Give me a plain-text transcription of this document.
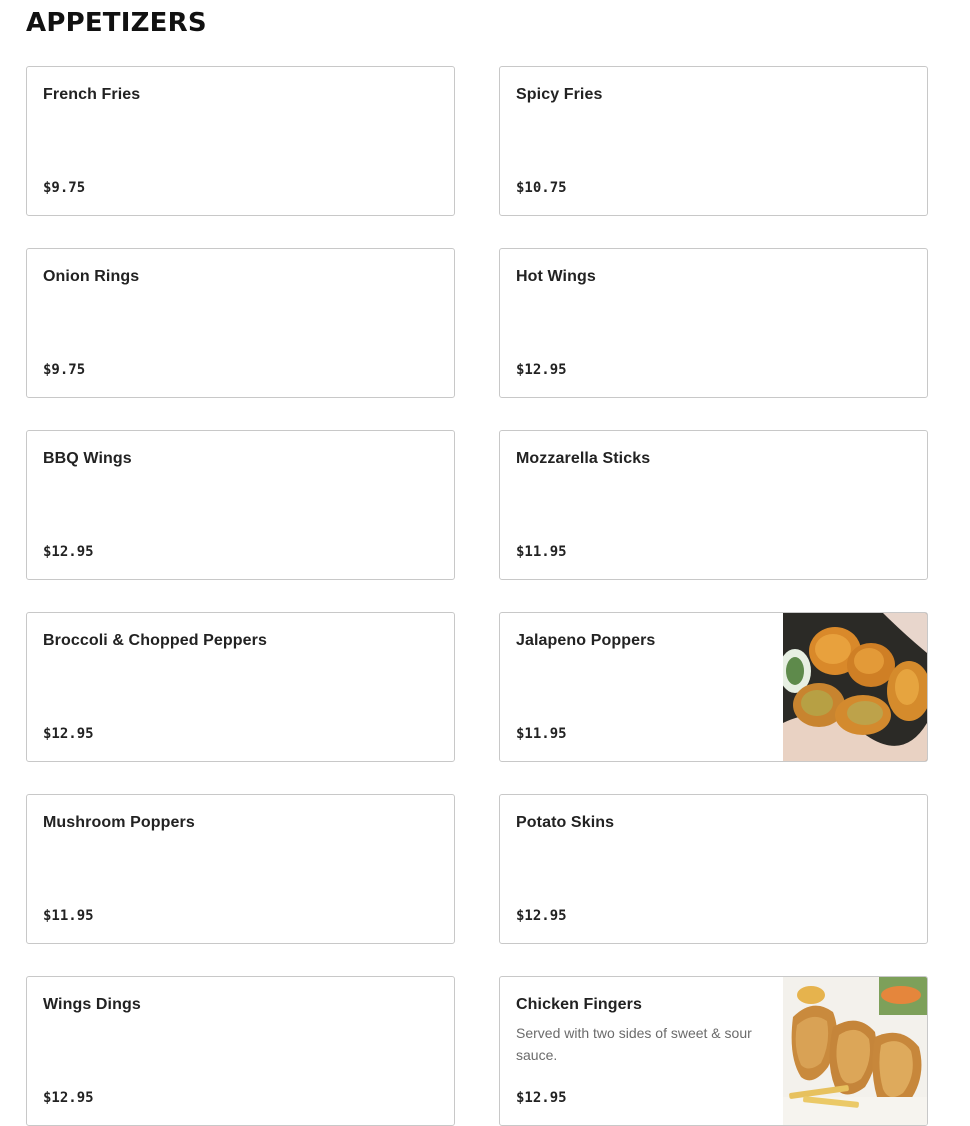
APPETIZERS
French Fries
$9.75
Spicy Fries
$10.75
Onion Rings
$9.75
Hot Wings
$12.95
BBQ Wings
$12.95
Mozzarella Sticks
$11.95
Broccoli & Chopped Peppers
$12.95
Jalapeno Poppers
$11.95
Mushroom Poppers
$11.95
Potato Skins
$12.95
Wings Dings
$12.95
Chicken Fingers
Served with two sides of sweet & sour sauce.
$12.95
